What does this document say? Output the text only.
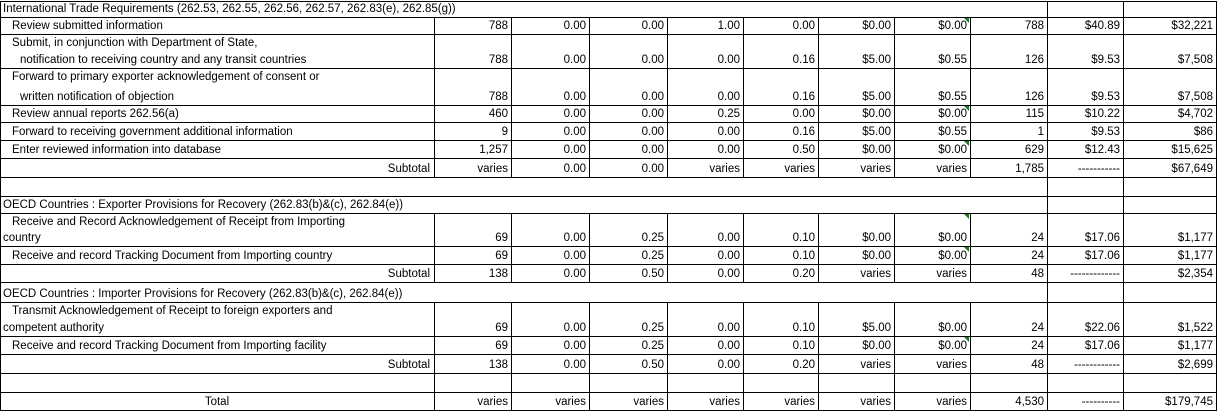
International Trade Requirements (262.53, 262.55, 262.56, 262.57, 262.83(e), 262.85(g))
Review submitted information	788	0.00	0.00	1.00	0.00	$0.00	$0.00	788	$40.89	$32,221
Submit, in conjunction with Department of State,
notification to receiving country and any transit countries	788	0.00	0.00	0.00	0.16	$5.00	$0.55	126	$9.53	$7,508
Forward to primary exporter acknowledgement of consent or
written notification of objection	788	0.00	0.00	0.00	0.16	$5.00	$0.55	126	$9.53	$7,508
Review annual reports 262.56(a)	460	0.00	0.00	0.25	0.00	$0.00	$0.00	115	$10.22	$4,702
Forward to receiving government additional information	9	0.00	0.00	0.00	0.16	$5.00	$0.55	1	$9.53	$86
Enter reviewed information into database	1,257	0.00	0.00	0.00	0.50	$0.00	$0.00	629	$12.43	$15,625
Subtotal	varies	0.00	0.00	varies	varies	varies	varies	1,785	-----------	$67,649
OECD Countries : Exporter Provisions for Recovery (262.83(b)&(c), 262.84(e))
Receive and Record Acknowledgement of Receipt from Importing
country	69	0.00	0.25	0.00	0.10	$0.00	$0.00	24	$17.06	$1,177
Receive and record Tracking Document from Importing country	69	0.00	0.25	0.00	0.10	$0.00	$0.00	24	$17.06	$1,177
Subtotal	138	0.00	0.50	0.00	0.20	varies	varies	48	-------------	$2,354
OECD Countries : Importer Provisions for Recovery (262.83(b)&(c), 262.84(e))
Transmit Acknowledgement of Receipt to foreign exporters and
competent authority	69	0.00	0.25	0.00	0.10	$5.00	$0.00	24	$22.06	$1,522
Receive and record Tracking Document from Importing facility	69	0.00	0.25	0.00	0.10	$0.00	$0.00	24	$17.06	$1,177
Subtotal	138	0.00	0.50	0.00	0.20	varies	varies	48	------------	$2,699
Total	varies	varies	varies	varies	varies	varies	varies	4,530	----------	$179,745
